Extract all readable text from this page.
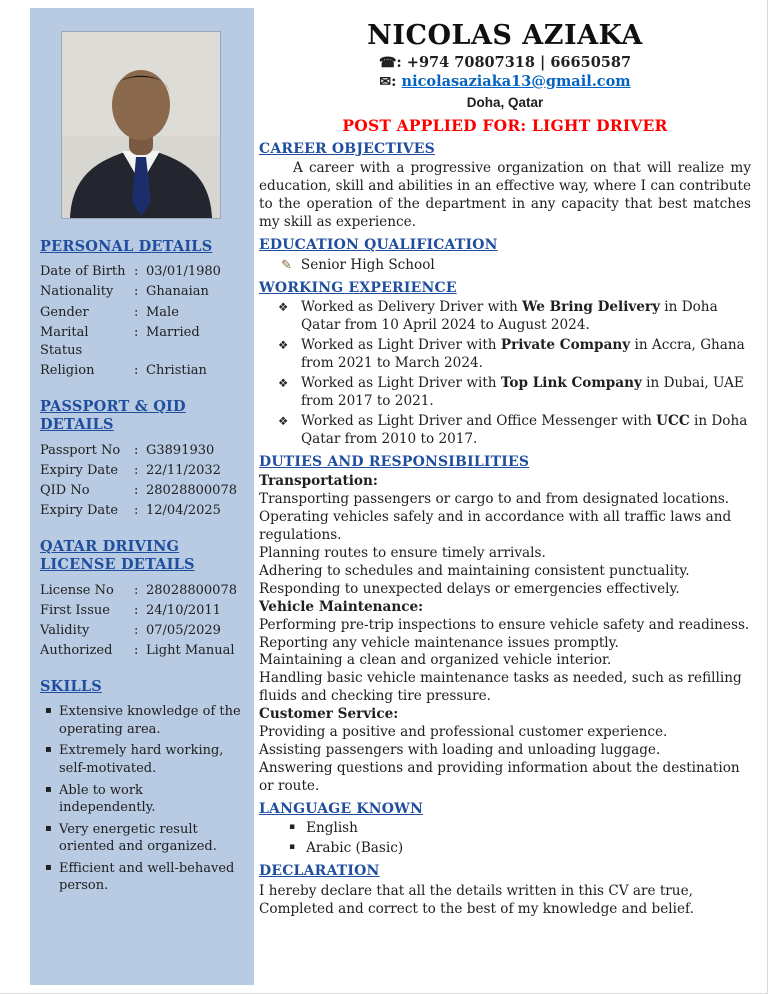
PERSONAL DETAILS
Date of Birth : 03/01/1980
Nationality	: Ghanaian
Gender	: Male
Marital Status
: Married
Religion	: Christian
PASSPORT & QID DETAILS
Passport No	: G3891930
Expiry Date	: 22/11/2032
QID No	: 28028800078
Expiry Date	: 12/04/2025
QATAR DRIVING LICENSE DETAILS
License No	: 28028800078
First Issue	: 24/10/2011
Validity	: 07/05/2029
Authorized	: Light Manual
SKILLS
▪ Extensive knowledge of the operating area.
▪ Extremely hard working, self-motivated.
▪ Able to work independently.
▪ Very energetic result oriented and organized.
▪ Efficient and well-behaved person.
NICOLAS AZIAKA
☎: +974 70807318 | 66650587
✉: nicolasaziaka13@gmail.com
Doha, Qatar
POST APPLIED FOR: LIGHT DRIVER
CAREER OBJECTIVES

A career with a progressive organization on that will realize my education, skill and abilities in an effective way, where I can contribute to the operation of the department in any capacity that best matches my skill as experience.

EDUCATION QUALIFICATION
✎ Senior High School
WORKING EXPERIENCE
❖ Worked as Delivery Driver with We Bring Delivery in Doha Qatar from 10 April 2024 to August 2024.
❖ Worked as Light Driver with Private Company in Accra, Ghana from 2021 to March 2024.
❖ Worked as Light Driver with Top Link Company in Dubai, UAE from 2017 to 2021.
❖ Worked as Light Driver and Office Messenger with UCC in Doha Qatar from 2010 to 2017.
DUTIES AND RESPONSIBILITIES
Transportation:

Transporting passengers or cargo to and from designated locations.

Operating vehicles safely and in accordance with all traffic laws and regulations.

Planning routes to ensure timely arrivals.

Adhering to schedules and maintaining consistent punctuality.

Responding to unexpected delays or emergencies effectively.

Vehicle Maintenance:

Performing pre-trip inspections to ensure vehicle safety and readiness.

Reporting any vehicle maintenance issues promptly.

Maintaining a clean and organized vehicle interior.

Handling basic vehicle maintenance tasks as needed, such as refilling fluids and checking tire pressure.

Customer Service:

Providing a positive and professional customer experience.

Assisting passengers with loading and unloading luggage.

Answering questions and providing information about the destination or route.

LANGUAGE KNOWN
▪ English
▪ Arabic (Basic)
DECLARATION

I hereby declare that all the details written in this CV are true, Completed and correct to the best of my knowledge and belief.
